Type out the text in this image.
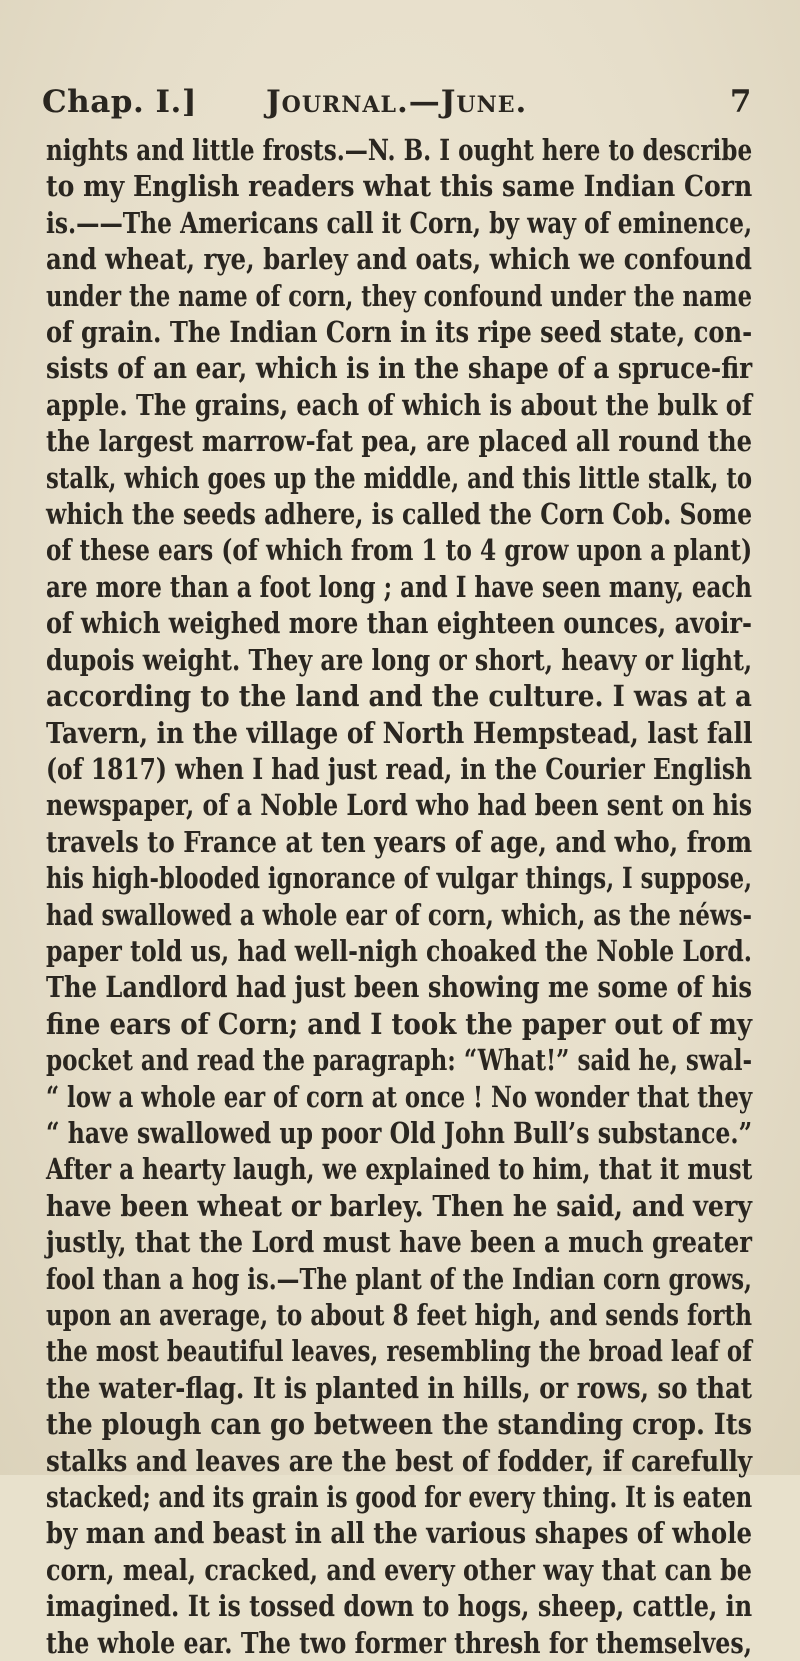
Chap. I.] Journal.—June.	7
nights and little frosts.—N. B. I ought here to describe
to my English readers what this same Indian Corn
is.——The Americans call it Corn, by way of eminence,
and wheat, rye, barley and oats, which we confound
under the name of corn, they confound under the name
of grain. The Indian Corn in its ripe seed state, con-
sists of an ear, which is in the shape of a spruce-fir
apple. The grains, each of which is about the bulk of
the largest marrow-fat pea, are placed all round the
stalk, which goes up the middle, and this little stalk, to
which the seeds adhere, is called the Corn Cob. Some
of these ears (of which from 1 to 4 grow upon a plant)
are more than a foot long ; and I have seen many, each
of which weighed more than eighteen ounces, avoir-
dupois weight. They are long or short, heavy or light,
according to the land and the culture. I was at a
Tavern, in the village of North Hempstead, last fall
(of 1817) when I had just read, in the Courier English
newspaper, of a Noble Lord who had been sent on his
travels to France at ten years of age, and who, from
his high-blooded ignorance of vulgar things, I suppose,
had swallowed a whole ear of corn, which, as the néws-
paper told us, had well-nigh choaked the Noble Lord.
The Landlord had just been showing me some of his
fine ears of Corn; and I took the paper out of my
pocket and read the paragraph: “What!” said he, swal-
“ low a whole ear of corn at once ! No wonder that they
“ have swallowed up poor Old John Bull’s substance.”
After a hearty laugh, we explained to him, that it must
have been wheat or barley. Then he said, and very
justly, that the Lord must have been a much greater
fool than a hog is.—The plant of the Indian corn grows,
upon an average, to about 8 feet high, and sends forth
the most beautiful leaves, resembling the broad leaf of
the water-flag. It is planted in hills, or rows, so that
the plough can go between the standing crop. Its
stalks and leaves are the best of fodder, if carefully
stacked; and its grain is good for every thing. It is eaten
by man and beast in all the various shapes of whole
corn, meal, cracked, and every other way that can be
imagined. It is tossed down to hogs, sheep, cattle, in
the whole ear. The two former thresh for themselves,
